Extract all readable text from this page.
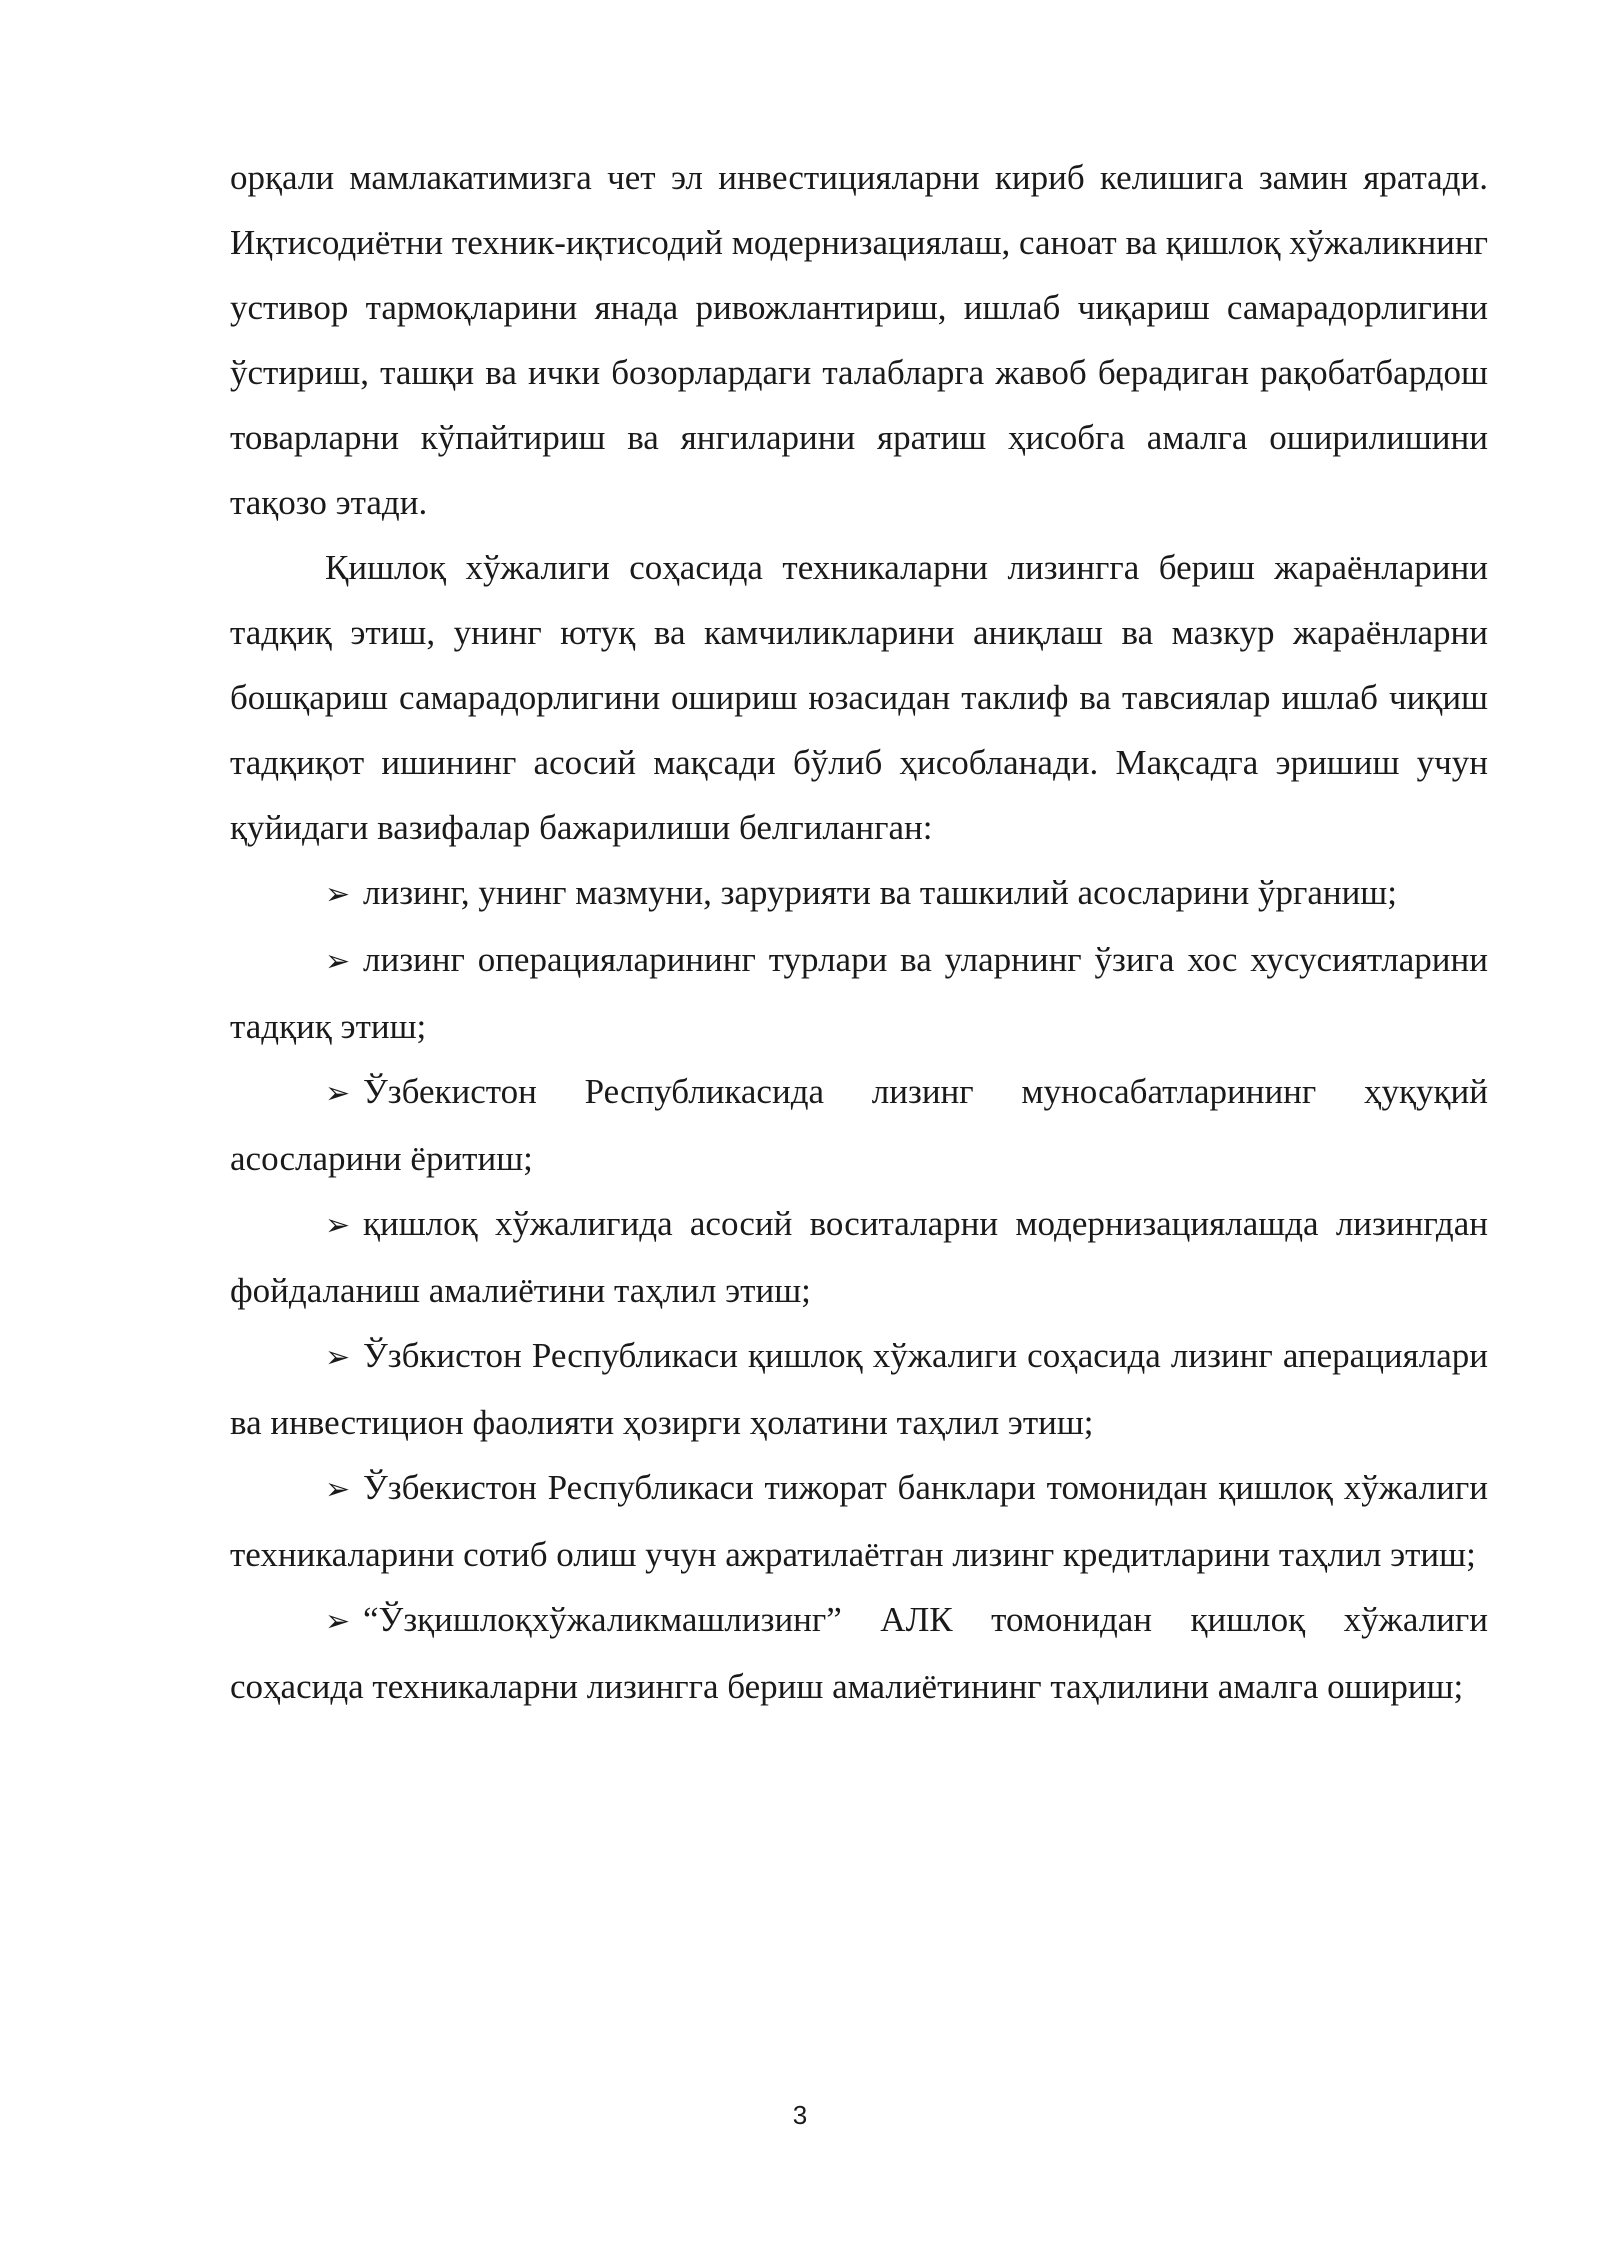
орқали мамлакатимизга чет эл инвестицияларни кириб келишига замин яратади. Иқтисодиётни техник-иқтисодий модернизациялаш, саноат ва қишлоқ хўжаликнинг устивор тармоқларини янада ривожлантириш, ишлаб чиқариш самарадорлигини ўстириш, ташқи ва ички бозорлардаги талабларга жавоб берадиган рақобатбардош товарларни кўпайтириш ва янгиларини яратиш ҳисобга амалга оширилишини тақозо этади.

Қишлоқ хўжалиги соҳасида техникаларни лизингга бериш жараёнларини тадқиқ этиш, унинг ютуқ ва камчиликларини аниқлаш ва мазкур жараёнларни бошқариш самарадорлигини ошириш юзасидан таклиф ва тавсиялар ишлаб чиқиш тадқиқот ишининг асосий мақсади бўлиб ҳисобланади. Мақсадга эришиш учун қуйидаги вазифалар бажарилиши белгиланган:

➢ лизинг, унинг мазмуни, зарурияти ва ташкилий асосларини ўрганиш;

➢ лизинг операцияларининг турлари ва уларнинг ўзига хос хусусиятларини тадқиқ этиш;

➢ Ўзбекистон Республикасида лизинг муносабатларининг ҳуқуқий асосларини ёритиш;

➢ қишлоқ хўжалигида асосий воситаларни модернизациялашда лизингдан фойдаланиш амалиётини таҳлил этиш;

➢ Ўзбкистон Республикаси қишлоқ хўжалиги соҳасида лизинг аперациялари ва инвестицион фаолияти ҳозирги ҳолатини таҳлил этиш;

➢ Ўзбекистон Республикаси тижорат банклари томонидан қишлоқ хўжалиги техникаларини сотиб олиш учун ажратилаётган лизинг кредитларини таҳлил этиш;

➢ “Ўзқишлоқхўжаликмашлизинг” АЛК томонидан қишлоқ хўжалиги соҳасида техникаларни лизингга бериш амалиётининг таҳлилини амалга ошириш;

3
